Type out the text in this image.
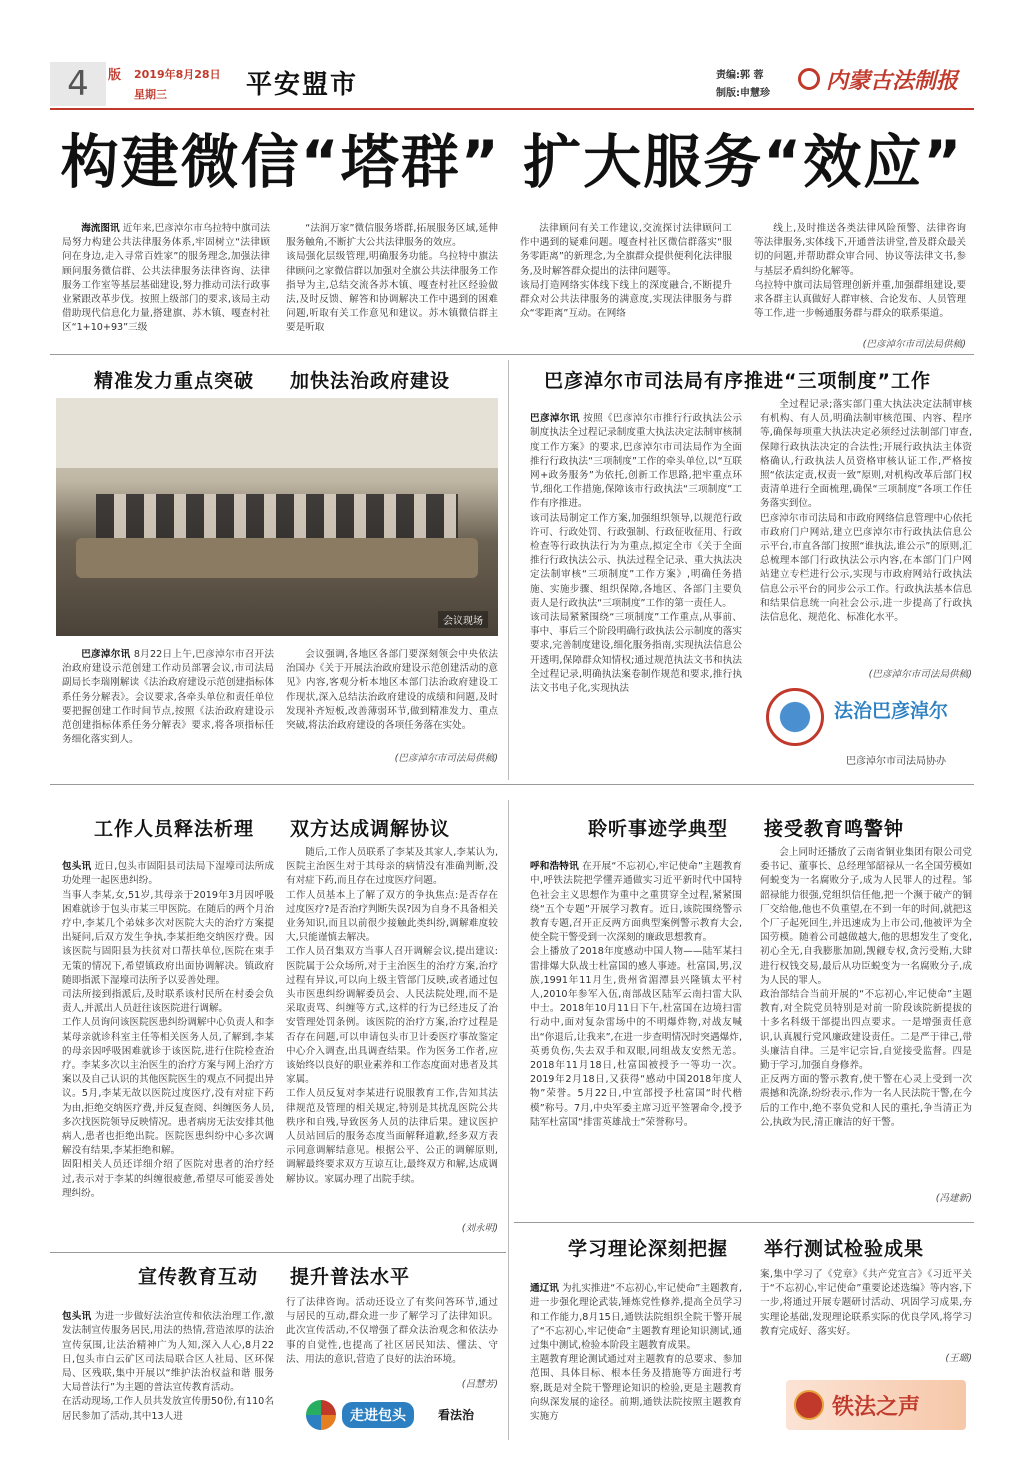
4	版	2019年8月28日
星期三	平安盟市	责编:郭 蓉
制版:申慧珍	内蒙古法制报
构建微信“塔群” 扩大服务“效应”

海流图讯 近年来,巴彦淖尔市乌拉特中旗司法局努力构建公共法律服务体系,牢固树立“法律顾问在身边,走入寻常百姓家”的服务理念,加强法律顾问服务微信群、公共法律服务法律咨询、法律服务工作室等基层基础建设,努力推动司法行政事业紧跟改革步伐。按照上级部门的要求,该局主动借助现代信息化力量,搭建旗、苏木镇、嘎查村社区“1+10+93”三级

“法润万家”微信服务塔群,拓展服务区域,延伸服务触角,不断扩大公共法律服务的效应。
该局强化层级管理,明确服务功能。乌拉特中旗法律顾问之家微信群以加强对全旗公共法律服务工作指导为主,总结交流各苏木镇、嘎查村社区经验做法,及时反馈、解答和协调解决工作中遇到的困难问题,听取有关工作意见和建议。苏木镇微信群主要是听取
法律顾问有关工作建议,交流探讨法律顾问工作中遇到的疑难问题。嘎查村社区微信群落实“服务零距离”的新理念,为全旗群众提供便利化法律服务,及时解答群众提出的法律问题等。
该局打造网络实体线下线上的深度融合,不断提升群众对公共法律服务的满意度,实现法律服务与群众“零距离”互动。在网络
线上,及时推送各类法律风险预警、法律咨询等法律服务,实体线下,开通普法讲堂,普及群众最关切的问题,并帮助群众审合同、协议等法律文书,参与基层矛盾纠纷化解等。
乌拉特中旗司法局管理创新并重,加强群组建设,要求各群主认真做好人群审核、合论发布、人员管理等工作,进一步畅通服务群与群众的联系渠道。
(巴彦淖尔市司法局供稿)
精准发力重点突破 加快法治政府建设
会议现场

巴彦淖尔讯 8月22日上午,巴彦淖尔市召开法治政府建设示范创建工作动员部署会议,市司法局副局长李瑞刚解读《法治政府建设示范创建指标体系任务分解表》。会议要求,各牵头单位和责任单位要把握创建工作时间节点,按照《法治政府建设示范创建指标体系任务分解表》要求,将各项指标任务细化落实到人。

会议强调,各地区各部门要深刻领会中央依法治国办《关于开展法治政府建设示范创建活动的意见》内容,客观分析本地区本部门法治政府建设工作现状,深入总结法治政府建设的成绩和问题,及时发现补齐短板,改善薄弱环节,做到精准发力、重点突破,将法治政府建设的各项任务落在实处。
(巴彦淖尔市司法局供稿)
巴彦淖尔市司法局有序推进“三项制度”工作

巴彦淖尔讯 按照《巴彦淖尔市推行行政执法公示制度执法全过程记录制度重大执法决定法制审核制度工作方案》的要求,巴彦淖尔市司法局作为全面推行行政执法“三项制度”工作的牵头单位,以“互联网+政务服务”为依托,创新工作思路,把牢重点环节,细化工作措施,保障该市行政执法“三项制度”工作有序推进。
该司法局制定工作方案,加强组织领导,以规范行政许可、行政处罚、行政强制、行政征收征用、行政检查等行政执法行为为重点,拟定全市《关于全面推行行政执法公示、执法过程全记录、重大执法决定法制审核“三项制度”工作方案》,明确任务措施、实施步骤、组织保障,各地区、各部门主要负责人是行政执法“三项制度”工作的第一责任人。
该司法局紧紧围绕“三项制度”工作重点,从事前、事中、事后三个阶段明确行政执法公示制度的落实要求,完善制度建设,细化服务指南,实现执法信息公开透明,保障群众知情权;通过规范执法文书和执法全过程记录,明确执法案卷制作规范和要求,推行执法文书电子化,实现执法

全过程记录;落实部门重大执法决定法制审核有机构、有人员,明确法制审核范围、内容、程序等,确保每项重大执法决定必须经过法制部门审查,保障行政执法决定的合法性;开展行政执法主体资格确认,行政执法人员资格审核认证工作,严格按照“依法定责,权责一致”原则,对机构改革后部门权责清单进行全面梳理,确保“三项制度”各项工作任务落实到位。
巴彦淖尔市司法局和市政府网络信息管理中心依托市政府门户网站,建立巴彦淖尔市行政执法信息公示平台,市直各部门按照“谁执法,谁公示”的原则,汇总梳理本部门行政执法公示内容,在本部门门户网站建立专栏进行公示,实现与市政府网站行政执法信息公示平台的同步公示工作。行政执法基本信息和结果信息统一向社会公示,进一步提高了行政执法信息化、规范化、标准化水平。
(巴彦淖尔市司法局供稿)
法治巴彦淖尔
巴彦淖尔市司法局协办
工作人员释法析理 双方达成调解协议

包头讯 近日,包头市固阳县司法局下湿壕司法所成功处理一起医患纠纷。
当事人李某,女,51岁,其母亲于2019年3月因呼吸困难就诊于包头市某三甲医院。在随后的两个月治疗中,李某几个弟妹多次对医院大夫的治疗方案提出疑问,后双方发生争执,李某拒绝交纳医疗费。因该医院与固阳县为扶贫对口帮扶单位,医院在束手无策的情况下,希望镇政府出面协调解决。镇政府随即指派下湿壕司法所予以妥善处理。
司法所接到指派后,及时联系该村民所在村委会负责人,并派出人员赶往该医院进行调解。
工作人员询问该医院医患纠纷调解中心负责人和李某母亲就诊科室主任等相关医务人员,了解到,李某的母亲因呼吸困难就诊于该医院,进行住院检查治疗。李某多次以主治医生的治疗方案与网上治疗方案以及自己认识的其他医院医生的观点不同提出异议。5月,李某无故以医院过度医疗,没有对症下药为由,拒绝交纳医疗费,并反复查阅、纠缠医务人员,多次找医院领导反映情况。患者病房无法安排其他病人,患者也拒绝出院。医院医患纠纷中心多次调解没有结果,李某拒绝和解。
固阳相关人员还详细介绍了医院对患者的治疗经过,表示对于李某的纠缠很疲惫,希望尽可能妥善处理纠纷。

随后,工作人员联系了李某及其家人,李某认为,医院主治医生对于其母亲的病情没有准确判断,没有对症下药,而且存在过度医疗问题。
工作人员基本上了解了双方的争执焦点:是否存在过度医疗?是否治疗判断失误?因为自身不具备相关业务知识,而且以前很少接触此类纠纷,调解难度较大,只能谨慎去解决。
工作人员召集双方当事人召开调解会议,提出建议:医院属于公众场所,对于主治医生的治疗方案,治疗过程有异议,可以向上级主管部门反映,或者通过包头市医患纠纷调解委员会、人民法院处理,而不是采取责骂、纠缠等方式,这样的行为已经违反了治安管理处罚条例。该医院的治疗方案,治疗过程是否存在问题,可以申请包头市卫计委医疗事故鉴定中心介入调查,出具调查结果。作为医务工作者,应该始终以良好的职业素养和工作态度面对患者及其家属。
工作人员反复对李某进行说服教育工作,告知其法律规范及管理的相关规定,特别是其扰乱医院公共秩序和自残,导致医务人员的法律后果。建议医护人员站回后的服务态度当面解释道歉,经多双方表示同意调解结意见。根据公平、公正的调解原则,调解最终要求双方互谅互让,最终双方和解,达成调解协议。家属办理了出院手续。
(刘永明)
宣传教育互动 提升普法水平

包头讯 为进一步做好法治宣传和依法治理工作,激发法制宣传服务居民,用法的热情,营造浓厚的法治宣传氛围,让法治精神广为人知,深入人心,8月22日,包头市白云矿区司法局联合区人社局、区环保局、区残联,集中开展以“维护法治权益和谐 服务大局普法行”为主题的普法宣传教育活动。
在活动现场,工作人员共发放宣传册50份,有110名居民参加了活动,其中13人进

行了法律咨询。活动还设立了有奖问答环节,通过与居民的互动,群众进一步了解学习了法律知识。此次宣传活动,不仅增强了群众法治观念和依法办事的自觉性,也提高了社区居民知法、懂法、守法、用法的意识,营造了良好的法治环境。
(吕慧芳)
走进包头	看法治
聆听事迹学典型 接受教育鸣警钟

呼和浩特讯 在开展“不忘初心,牢记使命”主题教育中,呼铁法院把学懂弄通做实习近平新时代中国特色社会主义思想作为重中之重贯穿全过程,紧紧围绕“五个专题”开展学习教育。近日,该院围绕警示教育专题,召开正反两方面典型案例警示教育大会,使全院干警受到一次深刻的廉政思想教育。
会上播放了2018年度感动中国人物——陆军某扫雷排爆大队战士杜富国的感人事迹。杜富国,男,汉族,1991年11月生,贵州省湄潭县兴隆镇太平村人,2010年参军入伍,南部战区陆军云南扫雷大队中士。2018年10月11日下午,杜富国在边境扫雷行动中,面对复杂雷场中的不明爆炸物,对战友喊出“你退后,让我来”,在进一步查明情况时突遇爆炸,英勇负伤,失去双手和双眼,同组战友安然无恙。2018年11月18日,杜富国被授予一等功一次。2019年2月18日,又获得“感动中国2018年度人物”荣誉。5月22日,中宣部授予杜富国“时代楷模”称号。7月,中央军委主席习近平签署命令,授予陆军杜富国“排雷英雄战士”荣誉称号。

会上同时还播放了云南省铜业集团有限公司党委书记、董事长、总经理邹韶禄从一名全国劳模如何蜕变为一名腐败分子,成为人民罪人的过程。邹韶禄能力很强,党组织信任他,把一个濒于破产的铜厂交给他,他也不负重望,在不到一年的时间,就把这个厂子起死回生,并迅速成为上市公司,他被评为全国劳模。随着公司越做越大,他的思想发生了变化,初心全无,自我膨胀加剧,觊觎专权,贪污受贿,大肆进行权钱交易,最后从功臣蜕变为一名腐败分子,成为人民的罪人。
政治部结合当前开展的“不忘初心,牢记使命”主题教育,对全院党员特别是对前一阶段该院新提拔的十多名科级干部提出四点要求。一是增强责任意识,认真履行党风廉政建设责任。二是严于律己,带头廉洁自律。三是牢记宗旨,自觉接受监督。四是勤于学习,加强自身修养。
正反两方面的警示教育,使干警在心灵上受到一次震撼和洗涤,纷纷表示,作为一名人民法院干警,在今后的工作中,绝不辜负党和人民的重托,争当清正为公,执政为民,清正廉洁的好干警。
(冯建新)
学习理论深刻把握 举行测试检验成果

通辽讯 为扎实推进“不忘初心,牢记使命”主题教育,进一步强化理论武装,锤炼党性修养,提高全员学习和工作能力,8月15日,通铁法院组织全院干警开展了“不忘初心,牢记使命”主题教育理论知识测试,通过集中测试,检验本阶段主题教育成果。
主题教育理论测试通过对主题教育的总要求、参加范围、具体目标、根本任务及措施等方面进行考察,既是对全院干警理论知识的检验,更是主题教育向纵深发展的途径。前期,通铁法院按照主题教育实施方

案,集中学习了《党章》《共产党宣言》《习近平关于“不忘初心,牢记使命”重要论述选编》等内容,下一步,将通过开展专题研讨活动、巩固学习成果,夯实理论基础,发现理论联系实际的优良学风,将学习教育完成好、落实好。
(王璐)
铁法之声
